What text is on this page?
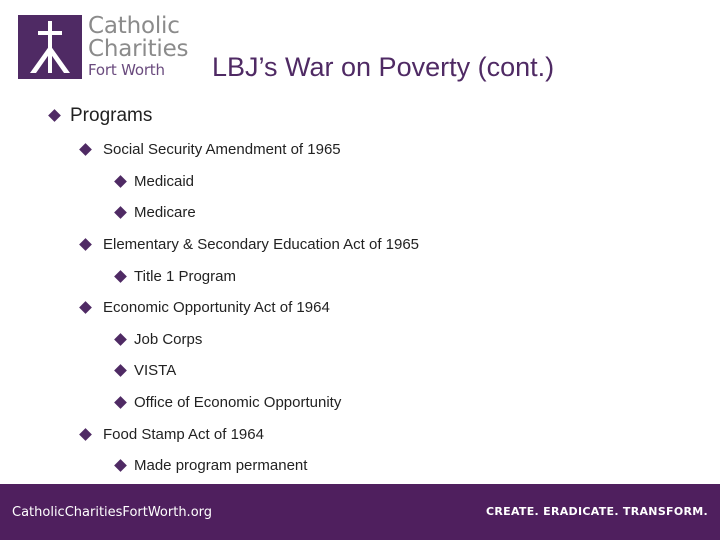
Catholic
Charities
Fort Worth	LBJ’s War on Poverty (cont.)
Programs
Social Security Amendment of 1965
Medicaid
Medicare
Elementary & Secondary Education Act of 1965
Title 1 Program
Economic Opportunity Act of 1964
Job Corps
VISTA
Office of Economic Opportunity
Food Stamp Act of 1964
Made program permanent
CatholicCharitiesFortWorth.org	CREATE. ERADICATE. TRANSFORM.
